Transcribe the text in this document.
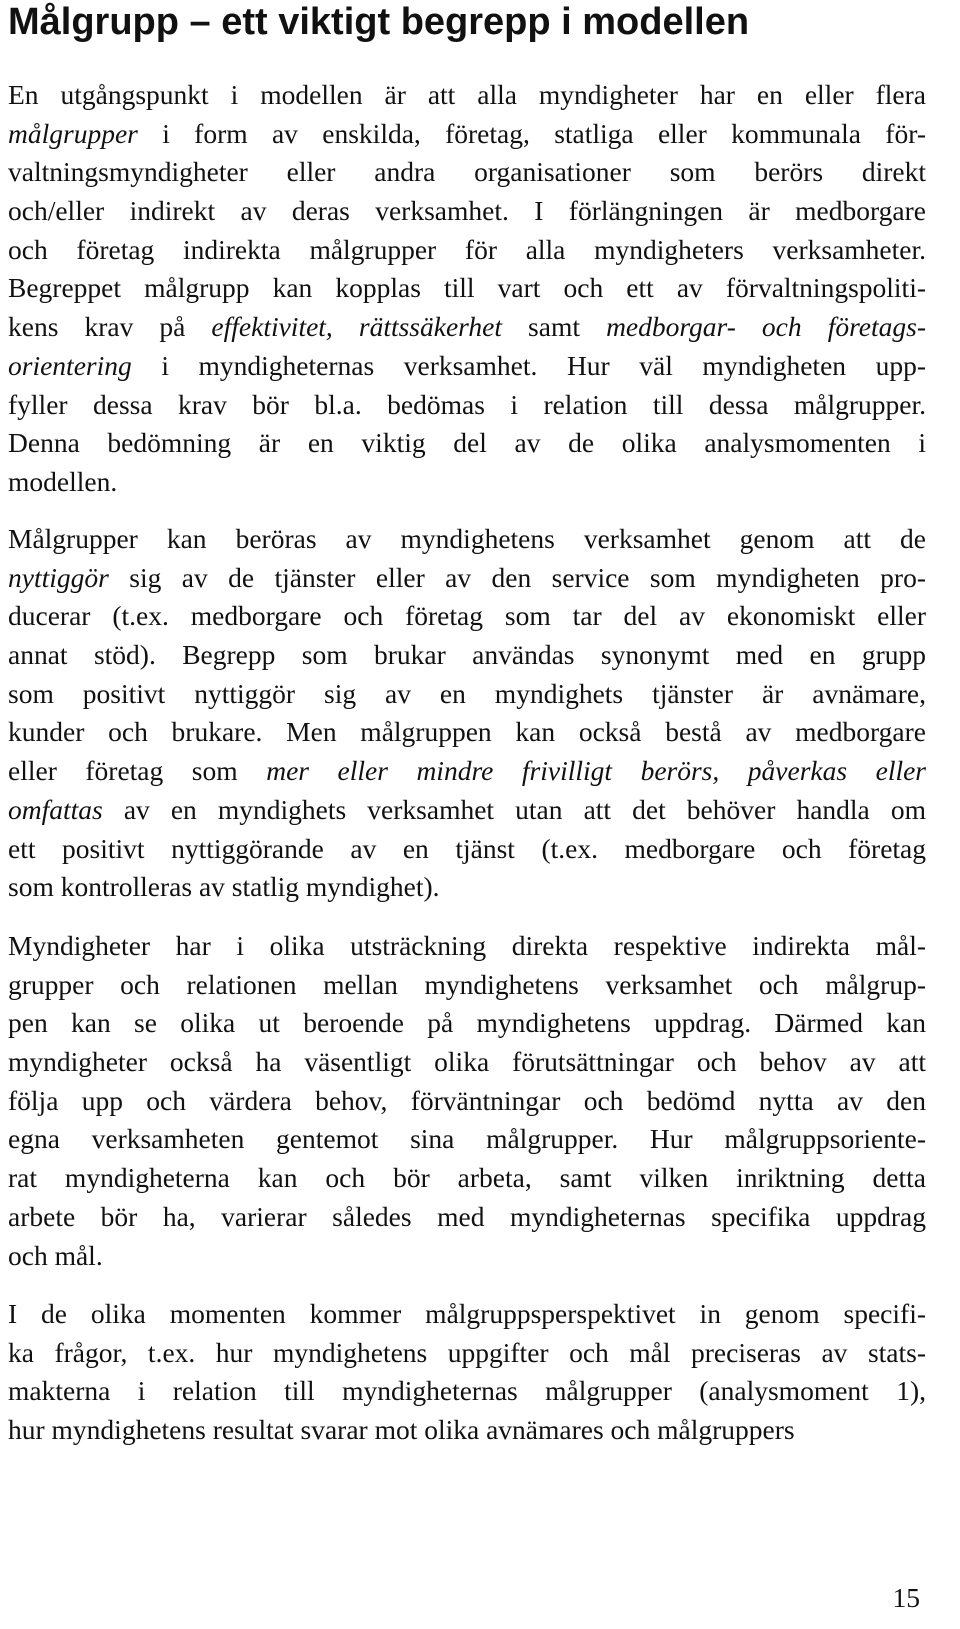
Målgrupp – ett viktigt begrepp i modellen
En utgångspunkt i modellen är att alla myndigheter har en eller flera
målgrupper i form av enskilda, företag, statliga eller kommunala för-
valtningsmyndigheter eller andra organisationer som berörs direkt
och/eller indirekt av deras verksamhet. I förlängningen är medborgare
och företag indirekta målgrupper för alla myndigheters verksamheter.
Begreppet målgrupp kan kopplas till vart och ett av förvaltningspoliti-
kens krav på effektivitet, rättssäkerhet samt medborgar- och företags-
orientering i myndigheternas verksamhet. Hur väl myndigheten upp-
fyller dessa krav bör bl.a. bedömas i relation till dessa målgrupper.
Denna bedömning är en viktig del av de olika analysmomenten i
modellen.
Målgrupper kan beröras av myndighetens verksamhet genom att de
nyttiggör sig av de tjänster eller av den service som myndigheten pro-
ducerar (t.ex. medborgare och företag som tar del av ekonomiskt eller
annat stöd). Begrepp som brukar användas synonymt med en grupp
som positivt nyttiggör sig av en myndighets tjänster är avnämare,
kunder och brukare. Men målgruppen kan också bestå av medborgare
eller företag som mer eller mindre frivilligt berörs, påverkas eller
omfattas av en myndighets verksamhet utan att det behöver handla om
ett positivt nyttiggörande av en tjänst (t.ex. medborgare och företag
som kontrolleras av statlig myndighet).
Myndigheter har i olika utsträckning direkta respektive indirekta mål-
grupper och relationen mellan myndighetens verksamhet och målgrup-
pen kan se olika ut beroende på myndighetens uppdrag. Därmed kan
myndigheter också ha väsentligt olika förutsättningar och behov av att
följa upp och värdera behov, förväntningar och bedömd nytta av den
egna verksamheten gentemot sina målgrupper. Hur målgruppsoriente-
rat myndigheterna kan och bör arbeta, samt vilken inriktning detta
arbete bör ha, varierar således med myndigheternas specifika uppdrag
och mål.
I de olika momenten kommer målgruppsperspektivet in genom specifi-
ka frågor, t.ex. hur myndighetens uppgifter och mål preciseras av stats-
makterna i relation till myndigheternas målgrupper (analysmoment 1),
hur myndighetens resultat svarar mot olika avnämares och målgruppers
15
